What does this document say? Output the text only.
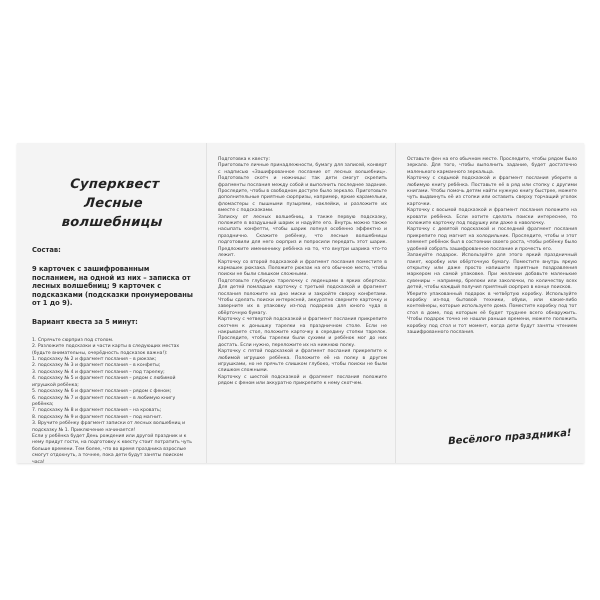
Суперквест
Лесные волшебницы

Состав:

9 карточек с зашифрованным посланием, на одной из них – записка от лесных волшебниц; 9 карточек с подсказками (подсказки пронумерованы от 1 до 9).

Вариант квеста за 5 минут:

1. Спрячьте сюрприз под столом.

2. Разложите подсказки и части карты в следующих местах (будьте внимательны, очерёдность подсказок важна!):

1. подсказку № 2 и фрагмент послания – в рюкзак;

2. подсказку № 3 и фрагмент послания – в конфеты;

3. подсказку № 4 и фрагмент послания – под тарелку;

4. подсказку № 5 и фрагмент послания – рядом с любимой игрушкой ребёнка;

5. подсказку № 6 и фрагмент послания – рядом с феном;

6. подсказку № 7 и фрагмент послания – в любимую книгу ребёнка;

7. подсказку № 8 и фрагмент послания – на кровать;

8. подсказку № 9 и фрагмент послания – под магнит.

3. Вручите ребёнку фрагмент записки от лесных волшебниц и подсказку № 1. Приключение начинается!

Если у ребёнка будет День рождения или другой праздник и к нему придут гости, на подготовку к квесту стоит потратить чуть больше времени. Тем более, что во время праздника взрослые смогут отдохнуть, а точнее, пока дети будут заняты поиском часа!

Подготовка к квесту:

Приготовьте личные принадлежности, бумагу для записей, конверт с надписью «Зашифрованное послание от лесных волшебниц». Подготовьте скотч и ножницы: так дети смогут скрепить фрагменты послания между собой и выполнить последнее задание. Проследите, чтобы в свободном доступе было зеркало. Приготовьте дополнительные приятные сюрпризы, например, яркие карамельки, фломастеры с пышными пузырями, наклейки, и разложите их вместе с подсказками.

Записку от лесных волшебниц, а также первую подсказку, положите в воздушный шарик и надуйте его. Внутрь можно также насыпать конфетти, чтобы шарик лопнул особенно эффектно и празднично. Скажите ребёнку, что лесные волшебницы подготовили для него сюрприз и попросили передать этот шарик. Предложите имениннику ребёнка на то, что внутри шарика что-то лежит.

Карточку со второй подсказкой и фрагмент послания поместите в кармашек рюкзака. Положите рюкзак на его обычное место, чтобы поиски не были слишком сложными.

Подготовьте глубокую тарелочку с леденцами в ярких обертках. Для детей помладше карточку с третьей подсказкой и фрагмент послания положите на дно миски и закройте сверху конфетами. Чтобы сделать поиски интересней, аккуратно сверните карточку и заверните их в упаковку из-под подарков для юного чуда в обёрточную бумагу.

Карточку с четвертой подсказкой и фрагмент послания прикрепите скотчем к донышку тарелки на праздничном столе. Если не накрываете стол, положите карточку в середину стопки тарелок. Проследите, чтобы тарелки были сухими и ребёнок мог до них достать. Если нужно, переложите их на нижнюю полку.

Карточку с пятой подсказкой и фрагмент послания прикрепите к любимой игрушке ребёнка. Положите её на полку в другом игрушками, но не прячьте слишком глубоко, чтобы поиски не были слишком сложными.

Карточку с шестой подсказкой и фрагмент послания положите рядом с феном или аккуратно прикрепите к нему скотчем.

Оставьте фен на его обычном месте. Проследите, чтобы рядом было зеркало. Для того, чтобы выполнить задание, будет достаточно маленького карманного зеркальца.

Карточку с седьмой подсказкой и фрагмент послания уберите в любимую книгу ребёнка. Поставьте её в ряд или стопку с другими книгами. Чтобы помочь детям найти нужную книгу быстрее, можете чуть выдвинуть её из стопки или оставить сверху торчащий уголок карточки.

Карточку с восьмой подсказкой и фрагмент послания положите на кровати ребёнка. Если хотите сделать поиски интереснее, то положите карточку под подушку или даже в наволочку.

Карточку с девятой подсказкой и последний фрагмент послания прикрепите под магнит на холодильник. Проследите, чтобы и этот элемент ребёнок был в состоянии своего роста, чтобы ребёнку было удобней собрать зашифрованное послание и прочесть его.

Запакуйте подарок. Используйте для этого яркий праздничный пакет, коробку или обёрточную бумагу. Поместите внутрь яркую открытку или даже просто напишите приятные поздравления маркером на самой упаковке. При желании добавьте маленькие сувениры – например, брелоки или заколочки, по количеству всех детей, чтобы каждый получил приятный сюрприз в конце поисков.

Уберите упакованный подарок в четвёртую коробку. Используйте коробку из-под бытовой техники, обуви, или какие-либо контейнеры, которые используете дома. Поместите коробку под тот стол в доме, под которым её будет труднее всего обнаружить. Чтобы подарок точно не нашли раньше времени, можете положить коробку под стол и тот момент, когда дети будут заняты чтением зашифрованного послания.

Весёлого праздника!
